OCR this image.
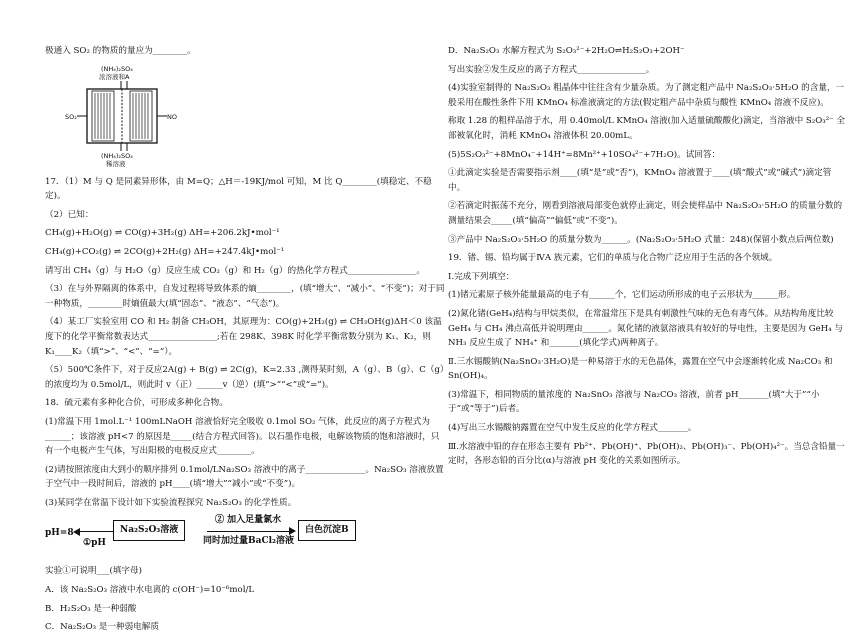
极通入 SO₂ 的物质的量应为________。

(NH₄)₂SO₄
浓溶液和A
SO₂	NO
(NH₄)₂SO₄
稀溶液

17．（1）M 与 Q 是同素异形体，由 M=Q；△H＝-19KJ/mol 可知，M 比 Q________(填稳定、不稳定)。

（2）已知：

CH₄(g)+H₂O(g) ⇌ CO(g)+3H₂(g) ΔH=+206.2kJ•mol⁻¹

CH₄(g)+CO₂(g) ⇌ 2CO(g)+2H₂(g) ΔH=+247.4kJ•mol⁻¹

请写出 CH₄（g）与 H₂O（g）反应生成 CO₂（g）和 H₂（g）的热化学方程式________________。

（3）在与外界隔离的体系中，自发过程将导致体系的熵________，(填“增大”、“减小”、“不变”)；对于同一种物质，________时熵值最大(填“固态”、“液态”、“气态”)。

（4）某工厂实验室用 CO 和 H₂ 制备 CH₃OH，其原理为：CO(g)+2H₂(g) ⇌ CH₃OH(g)ΔH＜0 该温度下的化学平衡常数表达式________________;若在 298K、398K 时化学平衡常数分别为 K₁、K₂，则 K₁____K₂（填“>”、“<”、“=”）。

（5）500℃条件下，对于反应2A(g) + B(g) ⇌ 2C(g)，K=2.33 ,测得某时刻，A（g）、B（g）、C（g）的浓度均为 0.5mol/L，则此时 v（正）______v（逆）(填“>”“<”或“=”)。

18．硫元素有多种化合价，可形成多种化合物。

(1)常温下用 1mol.L⁻¹ 100mLNaOH 溶液恰好完全吸收 0.1mol SO₂ 气体，此反应的离子方程式为______；该溶液 pH<7 的原因是_____(结合方程式回答)。以石墨作电极，电解该物质的饱和溶液时，只有一个电极产生气体，写出阳极的电极反应式________。

(2)请按照浓度由大到小的顺序排列 0.1mol/LNa₂SO₃ 溶液中的离子______________。Na₂SO₃ 溶液放置于空气中一段时间后，溶液的 pH____(填“增大”“减小”或“不变”)。

(3)某同学在常温下设计如下实验流程探究 Na₂S₂O₃ 的化学性质。

pH=8
①pH
Na₂S₂O₃溶液
② 加入足量氯水
同时加过量BaCl₂溶液
白色沉淀B

实验①可说明___(填字母)

A．该 Na₂S₂O₃ 溶液中水电离的 c(OH⁻)=10⁻⁶mol/L

B．H₂S₂O₃ 是一种弱酸

C．Na₂S₂O₃ 是一种弱电解质

D．Na₂S₂O₃ 水解方程式为 S₂O₃²⁻+2H₂O⇌H₂S₂O₃+2OH⁻

写出实验②发生反应的离子方程式________________。

(4)实验室制得的 Na₂S₂O₃ 粗晶体中往往含有少量杂质。为了测定粗产品中 Na₂S₂O₃·5H₂O 的含量，一般采用在酸性条件下用 KMnO₄ 标准液滴定的方法(假定粗产品中杂质与酸性 KMnO₄ 溶液不反应)。

称取 1.28 的粗样品溶于水，用 0.40mol/L KMnO₄ 溶液(加入适量硫酸酸化)滴定，当溶液中 S₂O₃²⁻ 全部被氧化时，消耗 KMnO₄ 溶液体积 20.00mL。

(5)5S₂O₃²⁻+8MnO₄⁻+14H⁺=8Mn²⁺+10SO₄²⁻+7H₂O)。试回答：

①此滴定实验是否需要指示剂____(填“是”或“否”)，KMnO₄ 溶液置于____(填“酸式”或“碱式”)滴定管中。

②若滴定时振荡不充分，刚看到溶液局部变色就停止滴定，则会使样品中 Na₂S₂O₃·5H₂O 的质量分数的测量结果会_____(填“偏高”“偏低”或“不变”)。

③产品中 Na₂S₂O₃·5H₂O 的质量分数为______。(Na₂S₂O₃·5H₂O 式量：248)(保留小数点后两位数)

19．锗、锡、铅均属于ⅣA 族元素，它们的单质与化合物广泛应用于生活的各个领域。

Ⅰ.完成下列填空：

(1)锗元素原子核外能量最高的电子有______个，它们运动所形成的电子云形状为______形。

(2)氮化锗(GeH₄)结构与甲烷类似，在常温常压下是具有刺激性气味的无色有毒气体。从结构角度比较 GeH₄ 与 CH₄ 沸点高低并说明理由______。氮化锗的液氨溶液具有较好的导电性，主要是因为 GeH₄ 与 NH₃ 反应生成了 NH₄⁺ 和_______(填化学式)两种离子。

Ⅱ.三水锡酸钠(Na₂SnO₃·3H₂O)是一种易溶于水的无色晶体，露置在空气中会逐渐转化成 Na₂CO₃ 和 Sn(OH)₄。

(3)常温下，相同物质的量浓度的 Na₂SnO₃ 溶液与 Na₂CO₃ 溶液，前者 pH_______(填“大于”“小于”或“等于”)后者。

(4)写出三水锡酸钠露置在空气中发生反应的化学方程式_______。

Ⅲ.水溶液中铅的存在形态主要有 Pb²⁺、Pb(OH)⁺、Pb(OH)₂、Pb(OH)₃⁻、Pb(OH)₄²⁻。当总含铅量一定时，各形态铅的百分比(α)与溶液 pH 变化的关系如图所示。
